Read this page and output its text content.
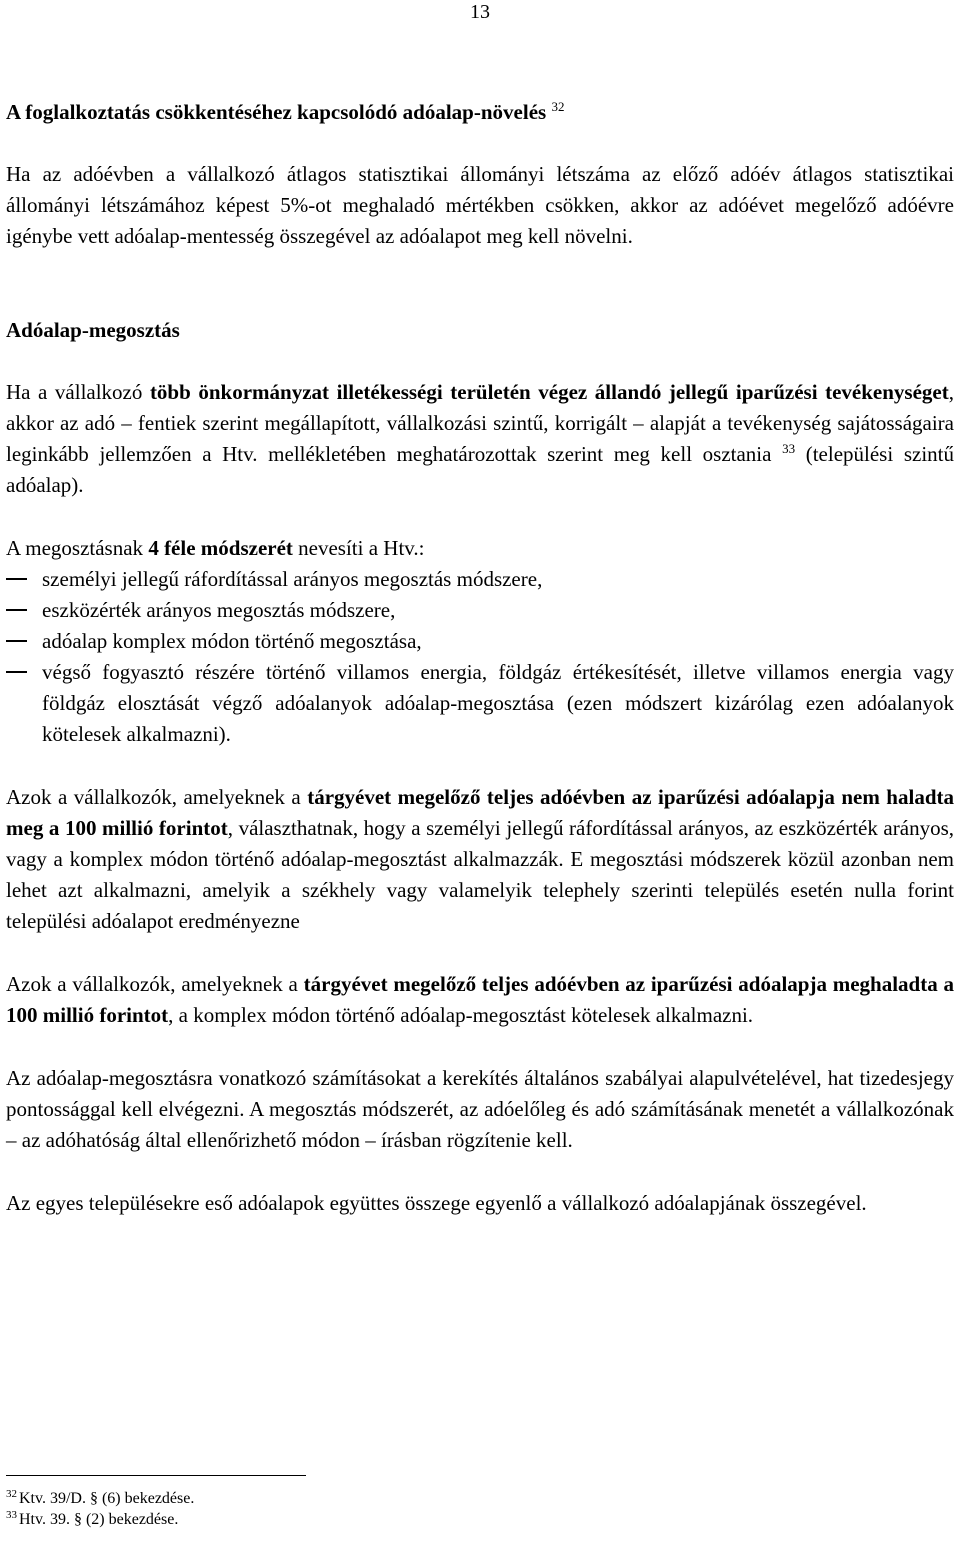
13

A foglalkoztatás csökkentéséhez kapcsolódó adóalap-növelés $^{32}$

Ha az adóévben a vállalkozó átlagos statisztikai állományi létszáma az előző adóév átlagos statisztikai állományi létszámához képest 5%-ot meghaladó mértékben csökken, akkor az adóévet megelőző adóévre igénybe vett adóalap-mentesség összegével az adóalapot meg kell növelni.

Adóalap-megosztás

Ha a vállalkozó több önkormányzat illetékességi területén végez állandó jellegű iparűzési tevékenységet, akkor az adó – fentiek szerint megállapított, vállalkozási szintű, korrigált – alapját a tevékenység sajátosságaira leginkább jellemzően a Htv. mellékletében meghatározottak szerint meg kell osztania $^{33}$ (települési szintű adóalap).

A megosztásnak 4 féle módszerét nevesíti a Htv.:

személyi jellegű ráfordítással arányos megosztás módszere,
eszközérték arányos megosztás módszere,
adóalap komplex módon történő megosztása,
végső fogyasztó részére történő villamos energia, földgáz értékesítését, illetve villamos energia vagy földgáz elosztását végző adóalanyok adóalap-megosztása (ezen módszert kizárólag ezen adóalanyok kötelesek alkalmazni).

Azok a vállalkozók, amelyeknek a tárgyévet megelőző teljes adóévben az iparűzési adóalapja nem haladta meg a 100 millió forintot, választhatnak, hogy a személyi jellegű ráfordítással arányos, az eszközérték arányos, vagy a komplex módon történő adóalap-megosztást alkalmazzák. E megosztási módszerek közül azonban nem lehet azt alkalmazni, amelyik a székhely vagy valamelyik telephely szerinti település esetén nulla forint települési adóalapot eredményezne

Azok a vállalkozók, amelyeknek a tárgyévet megelőző teljes adóévben az iparűzési adóalapja meghaladta a 100 millió forintot, a komplex módon történő adóalap-megosztást kötelesek alkalmazni.

Az adóalap-megosztásra vonatkozó számításokat a kerekítés általános szabályai alapulvételével, hat tizedesjegy pontossággal kell elvégezni. A megosztás módszerét, az adóelőleg és adó számításának menetét a vállalkozónak – az adóhatóság által ellenőrizhető módon – írásban rögzítenie kell.

Az egyes településekre eső adóalapok együttes összege egyenlő a vállalkozó adóalapjának összegével.

$^{32}$ Ktv. 39/D. § (6) bekezdése.

$^{33}$ Htv. 39. § (2) bekezdése.
